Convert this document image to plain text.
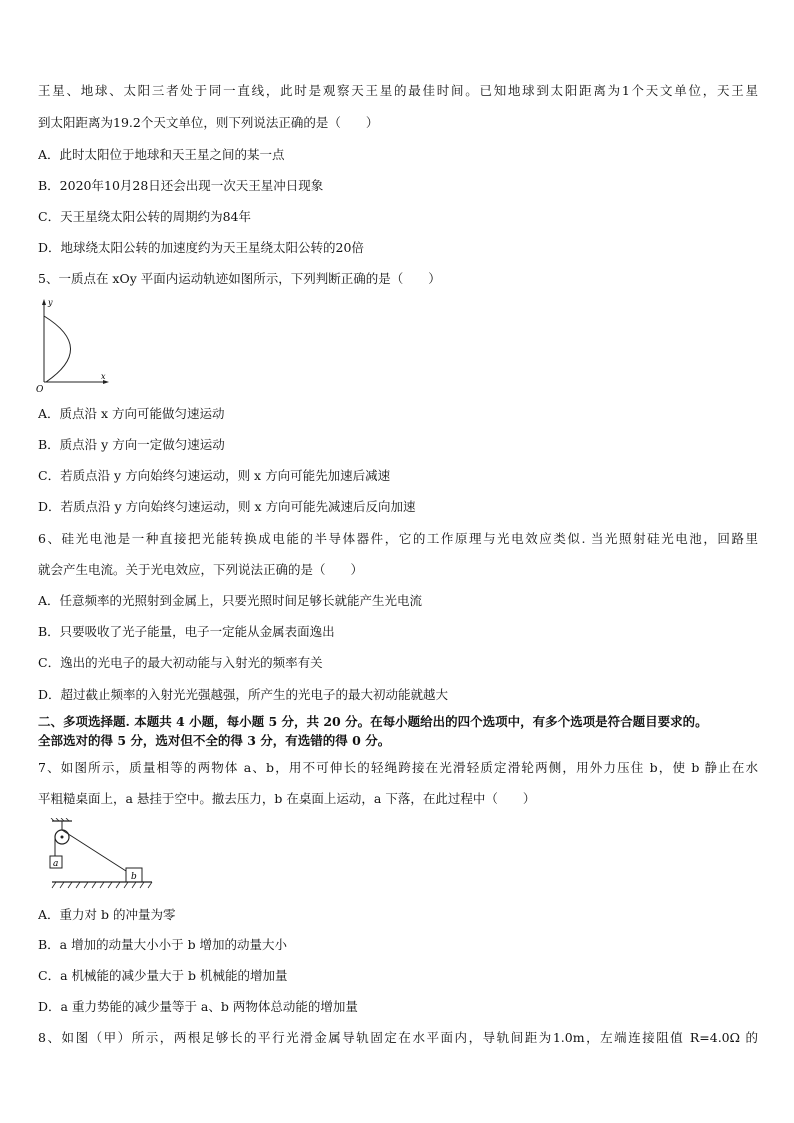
王星、地球、太阳三者处于同一直线，此时是观察天王星的最佳时间。已知地球到太阳距离为1个天文单位，天王星
到太阳距离为19.2个天文单位，则下列说法正确的是（　　）
A．此时太阳位于地球和天王星之间的某一点
B．2020年10月28日还会出现一次天王星冲日现象
C．天王星绕太阳公转的周期约为84年
D．地球绕太阳公转的加速度约为天王星绕太阳公转的20倍
5、一质点在 xOy 平面内运动轨迹如图所示，下列判断正确的是（　　）
y
x
O
A．质点沿 x 方向可能做匀速运动
B．质点沿 y 方向一定做匀速运动
C．若质点沿 y 方向始终匀速运动，则 x 方向可能先加速后减速
D．若质点沿 y 方向始终匀速运动，则 x 方向可能先减速后反向加速
6、硅光电池是一种直接把光能转换成电能的半导体器件，它的工作原理与光电效应类似. 当光照射硅光电池，回路里
就会产生电流。关于光电效应，下列说法正确的是（　　）
A．任意频率的光照射到金属上，只要光照时间足够长就能产生光电流
B．只要吸收了光子能量，电子一定能从金属表面逸出
C．逸出的光电子的最大初动能与入射光的频率有关
D．超过截止频率的入射光光强越强，所产生的光电子的最大初动能就越大
二、多项选择题. 本题共 4 小题，每小题 5 分，共 20 分。在每小题给出的四个选项中，有多个选项是符合题目要求的。
全部选对的得 5 分，选对但不全的得 3 分，有选错的得 0 分。
7、如图所示，质量相等的两物体 a、b，用不可伸长的轻绳跨接在光滑轻质定滑轮两侧，用外力压住 b，使 b 静止在水
平粗糙桌面上，a 悬挂于空中。撤去压力，b 在桌面上运动，a 下落，在此过程中（　　）
a
b
A．重力对 b 的冲量为零
B．a 增加的动量大小小于 b 增加的动量大小
C．a 机械能的减少量大于 b 机械能的增加量
D．a 重力势能的减少量等于 a、b 两物体总动能的增加量
8、如图（甲）所示，两根足够长的平行光滑金属导轨固定在水平面内，导轨间距为1.0m，左端连接阻值 R=4.0Ω 的
